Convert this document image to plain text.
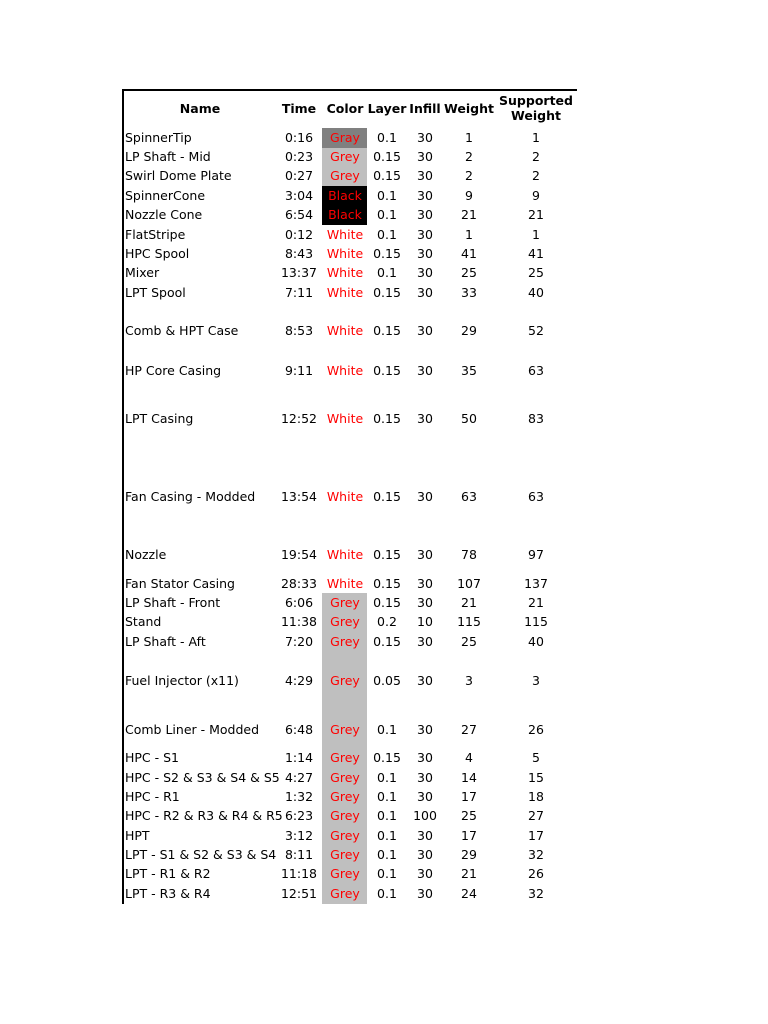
Name	Time Color Layer Infill Weight
Supported
Weight
SpinnerTip	0:16 Gray 0.1 30	1	1
LP Shaft - Mid	0:23 Grey 0.15 30	2	2
Swirl Dome Plate	0:27 Grey 0.15 30	2	2
SpinnerCone	3:04 Black 0.1 30	9	9
Nozzle Cone	6:54 Black 0.1 30 21	21
FlatStripe	0:12 White 0.1 30	1	1
HPC Spool	8:43 White 0.15 30 41	41
Mixer	13:37 White 0.1 30 25	25
LPT Spool	7:11 White 0.15 30 33	40
Comb & HPT Case	8:53 White 0.15 30 29	52
HP Core Casing	9:11 White 0.15 30 35	63
LPT Casing	12:52 White 0.15 30 50	83
Fan Casing - Modded 13:54 White 0.15 30 63	63
Nozzle	19:54 White 0.15 30 78	97
Fan Stator Casing	28:33 White 0.15 30 107	137
LP Shaft - Front	6:06 Grey 0.15 30 21	21
Stand	11:38 Grey 0.2 10 115	115
LP Shaft - Aft	7:20 Grey 0.15 30 25	40
Fuel Injector (x11)	4:29 Grey 0.05 30	3	3
Comb Liner - Modded 6:48 Grey 0.1 30 27	26
HPC - S1	1:14 Grey 0.15 30	4	5
HPC - S2 & S3 & S4 & S5 4:27 Grey 0.1 30 14	15
HPC - R1	1:32 Grey 0.1 30 17	18
HPC - R2 & R3 & R4 & R5 6:23 Grey 0.1 100 25	27
HPT	3:12 Grey 0.1 30 17	17
LPT - S1 & S2 & S3 & S4 8:11 Grey 0.1 30 29	32
LPT - R1 & R2	11:18 Grey 0.1 30 21	26
LPT - R3 & R4	12:51 Grey 0.1 30 24	32
